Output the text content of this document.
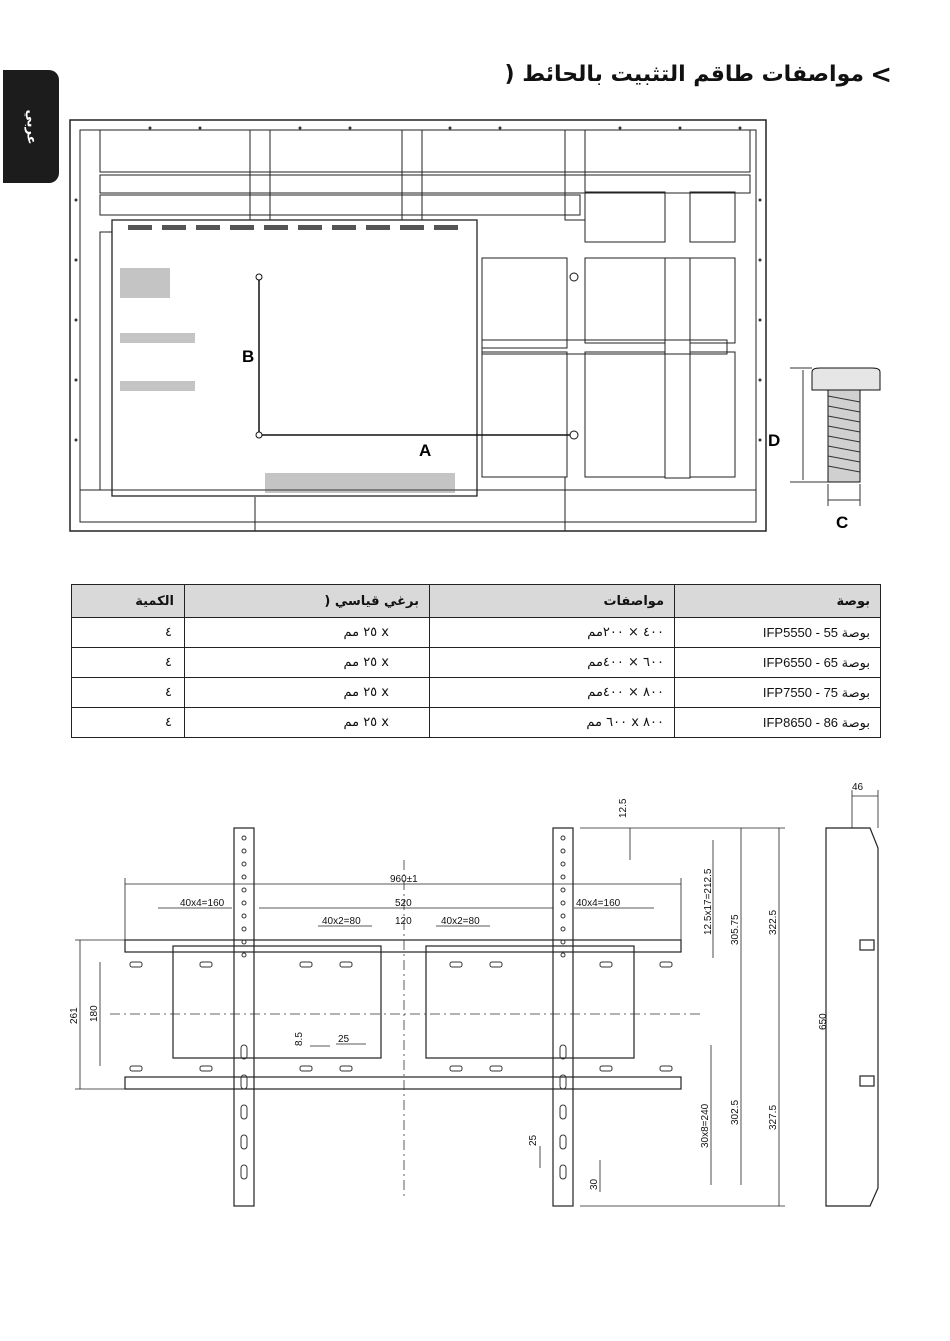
عربي
مواصفات طاقم التثبيت بالحائط ( <
A
B
D
C
بوصة	مواصفات	برغي قياسي (	الكمية
بوصة IFP5550 - 55	٤٠٠ × ٢٠٠مم	x ٢٥ مم	٤
بوصة IFP6550 - 65	٦٠٠ × ٤٠٠مم	x ٢٥ مم	٤
بوصة IFP7550 - 75	٨٠٠ × ٤٠٠مم	x ٢٥ مم	٤
بوصة IFP8650 - 86	٨٠٠ x ٦٠٠ مم	x ٢٥ مم	٤
960±1
520
40x4=160	40x4=160
40x2=80	120	40x2=80
25
46
12.5
12.5x17=212.5 305.75	322.5
650
261 180
8.5
30x8=240 302.5	327.5
25
30
